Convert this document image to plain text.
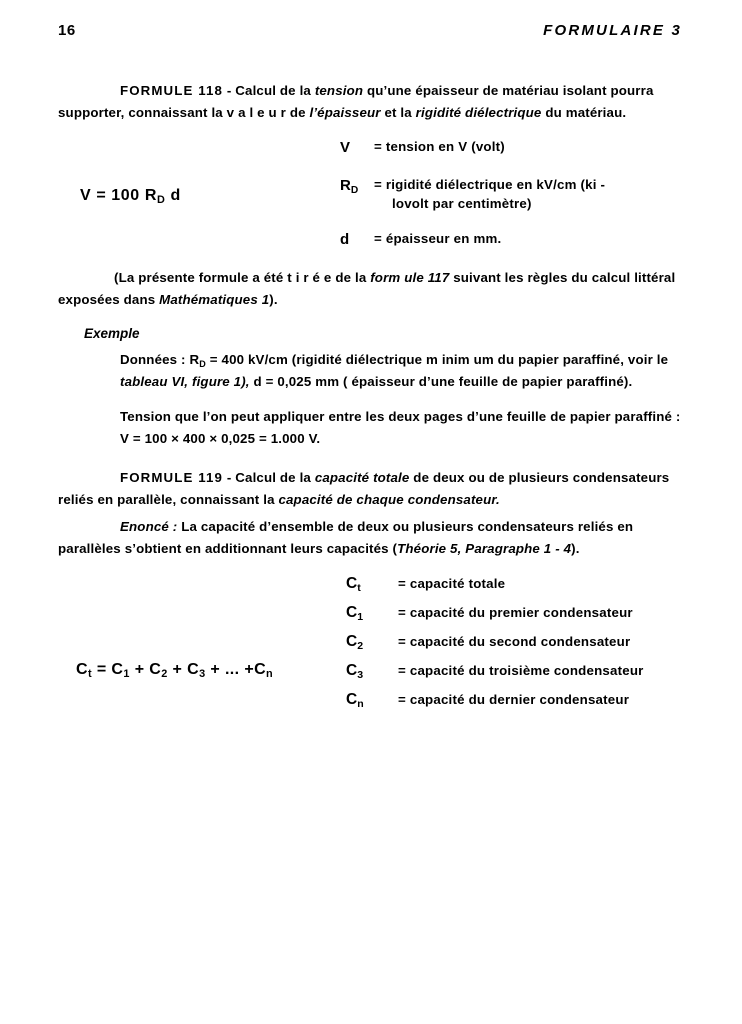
16	FORMULAIRE 3

FORMULE 118 - Calcul de la tension qu’une épaisseur de matériau isolant pourra supporter, connaissant la v a l e u r de l’épaisseur et la rigidité diélectrique du matériau.

V = 100 $R_D$ d
V	= tension en V (volt)
$R_D$	= rigidité diélectrique en kV/cm (ki -
lovolt par centimètre)
d	= épaisseur en mm.

(La présente formule a été t i r é e de la form ule 117 suivant les règles du calcul littéral exposées dans Mathématiques 1).

Exemple

Données : $R_D = 400$ kV/cm (rigidité diélectrique m inim um du papier paraffiné, voir le tableau VI, figure 1), d = 0,025 mm ( épaisseur d’une feuille de papier paraffiné).

Tension que l’on peut appliquer entre les deux pages d’une feuille de papier paraffiné : V = 100 × 400 × 0,025 = 1.000 V.

FORMULE 119 - Calcul de la capacité totale de deux ou de plusieurs condensateurs reliés en parallèle, connaissant la capacité de chaque condensateur.

Enoncé : La capacité d’ensemble de deux ou plusieurs condensateurs reliés en parallèles s’obtient en additionnant leurs capacités (Théorie 5, Paragraphe 1 - 4).

$C_t = C_1 + C_2 + C_3$ + ... $+C_n$
$C_t$	= capacité totale
$C_1$	= capacité du premier condensateur
$C_2$	= capacité du second condensateur
$C_3$	= capacité du troisième condensateur
$C_n$	= capacité du dernier condensateur
